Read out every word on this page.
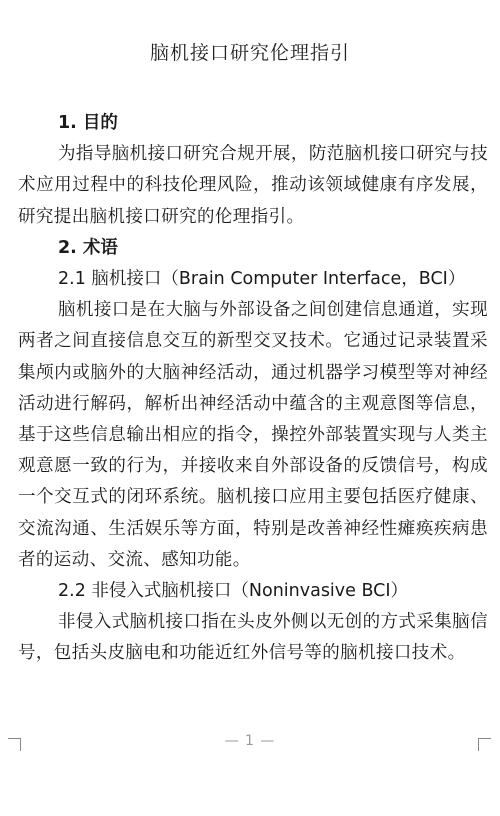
脑机接口研究伦理指引

1. 目的

为指导脑机接口研究合规开展，防范脑机接口研究与技术应用过程中的科技伦理风险，推动该领域健康有序发展，研究提出脑机接口研究的伦理指引。

2. 术语

2.1 脑机接口（Brain Computer Interface，BCI）

脑机接口是在大脑与外部设备之间创建信息通道，实现两者之间直接信息交互的新型交叉技术。它通过记录装置采集颅内或脑外的大脑神经活动，通过机器学习模型等对神经活动进行解码，解析出神经活动中蕴含的主观意图等信息，基于这些信息输出相应的指令，操控外部装置实现与人类主观意愿一致的行为，并接收来自外部设备的反馈信号，构成一个交互式的闭环系统。脑机接口应用主要包括医疗健康、交流沟通、生活娱乐等方面，特别是改善神经性瘫痪疾病患者的运动、交流、感知功能。

2.2 非侵入式脑机接口（Noninvasive BCI）

非侵入式脑机接口指在头皮外侧以无创的方式采集脑信号，包括头皮脑电和功能近红外信号等的脑机接口技术。

— 1 —
